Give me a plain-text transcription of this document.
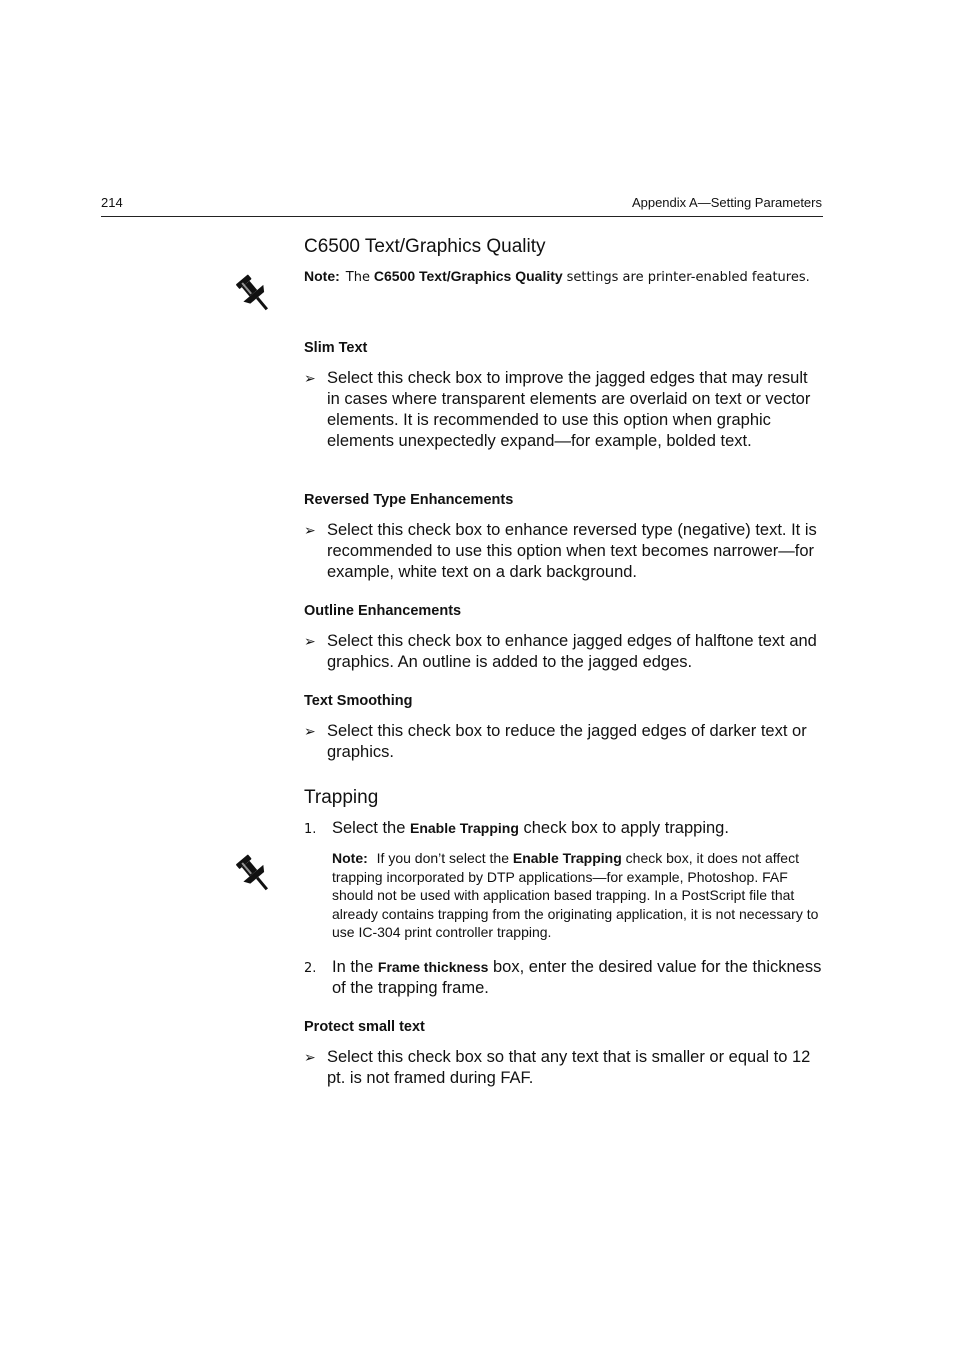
214	Appendix A—Setting Parameters
C6500 Text/Graphics Quality
Note: The C6500 Text/Graphics Quality settings are printer-enabled features.
Slim Text
➢ Select this check box to improve the jagged edges that may result in cases where transparent elements are overlaid on text or vector elements. It is recommended to use this option when graphic elements unexpectedly expand—for example, bolded text.
Reversed Type Enhancements
➢ Select this check box to enhance reversed type (negative) text. It is recommended to use this option when text becomes narrower—for example, white text on a dark background.
Outline Enhancements
➢ Select this check box to enhance jagged edges of halftone text and graphics. An outline is added to the jagged edges.
Text Smoothing
➢ Select this check box to reduce the jagged edges of darker text or graphics.
Trapping
1. Select the Enable Trapping check box to apply trapping.
Note: If you don’t select the Enable Trapping check box, it does not affect trapping incorporated by DTP applications—for example, Photoshop. FAF should not be used with application based trapping. In a PostScript file that already contains trapping from the originating application, it is not necessary to use IC-304 print controller trapping.
2. In the Frame thickness box, enter the desired value for the thickness of the trapping frame.
Protect small text
➢ Select this check box so that any text that is smaller or equal to 12 pt. is not framed during FAF.
